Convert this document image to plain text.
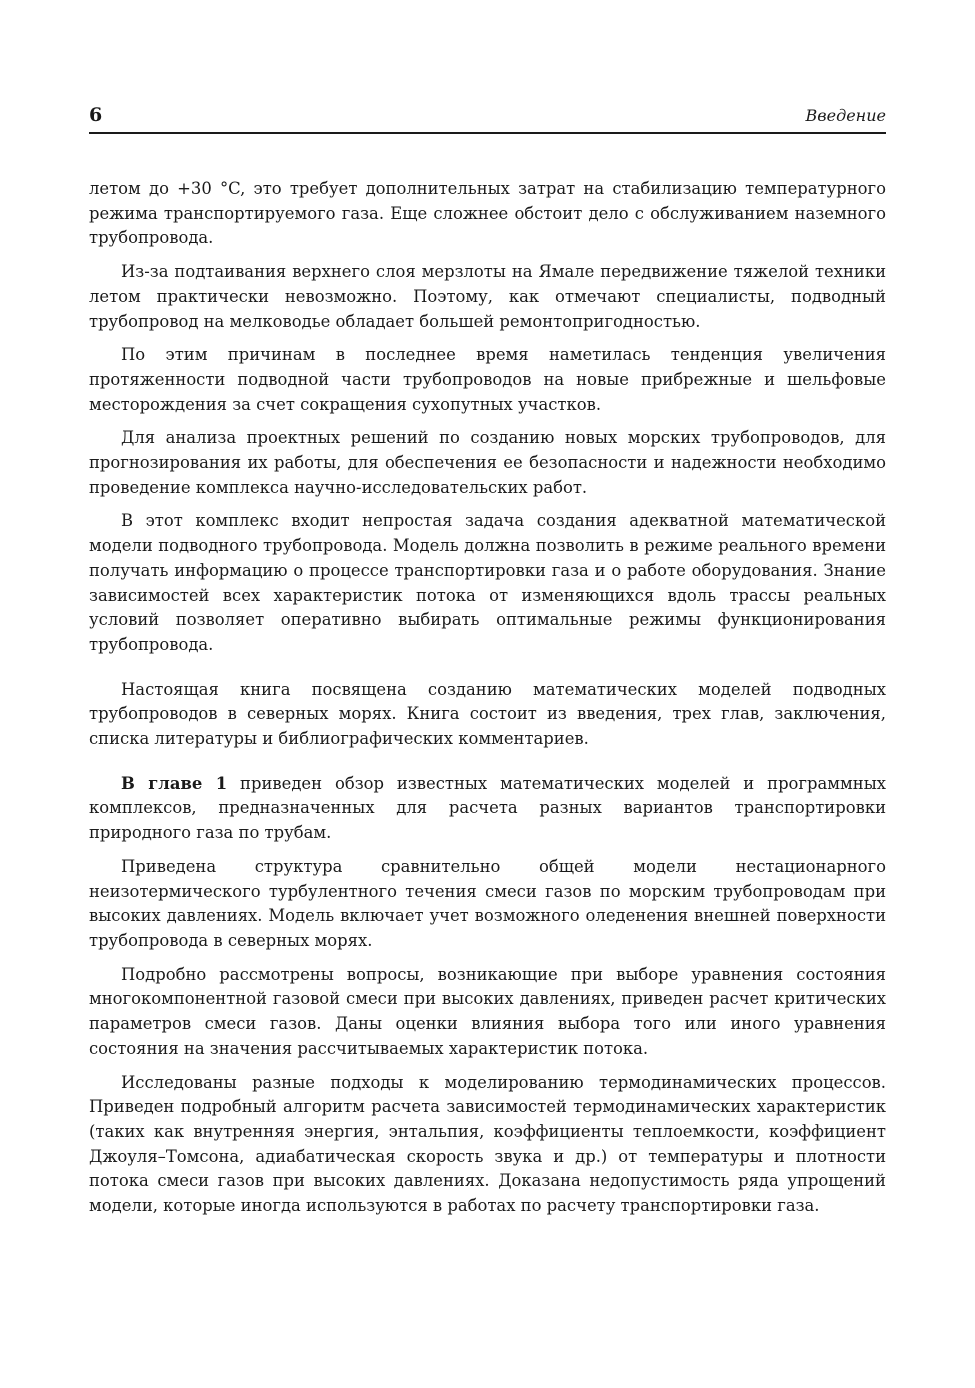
6	Введение

летом до +30 °C, это требует дополнительных затрат на стабилизацию температурного режима транспортируемого газа. Еще сложнее обстоит дело с обслуживанием наземного трубопровода.

Из-за подтаивания верхнего слоя мерзлоты на Ямале передвижение тяжелой техники летом практически невозможно. Поэтому, как отмечают специалисты, подводный трубопровод на мелководье обладает большей ремонтопригодностью.

По этим причинам в последнее время наметилась тенденция увеличения протяженности подводной части трубопроводов на новые прибрежные и шельфовые месторождения за счет сокращения сухопутных участков.

Для анализа проектных решений по созданию новых морских трубопроводов, для прогнозирования их работы, для обеспечения ее безопасности и надежности необходимо проведение комплекса научно-исследовательских работ.

В этот комплекс входит непростая задача создания адекватной математической модели подводного трубопровода. Модель должна позволить в режиме реального времени получать информацию о процессе транспортировки газа и о работе оборудования. Знание зависимостей всех характеристик потока от изменяющихся вдоль трассы реальных условий позволяет оперативно выбирать оптимальные режимы функционирования трубопровода.

Настоящая книга посвящена созданию математических моделей подводных трубопроводов в северных морях. Книга состоит из введения, трех глав, заключения, списка литературы и библиографических комментариев.

В главе 1 приведен обзор известных математических моделей и программных комплексов, предназначенных для расчета разных вариантов транспортировки природного газа по трубам.

Приведена структура сравнительно общей модели нестационарного неизотермического турбулентного течения смеси газов по морским трубопроводам при высоких давлениях. Модель включает учет возможного оледенения внешней поверхности трубопровода в северных морях.

Подробно рассмотрены вопросы, возникающие при выборе уравнения состояния многокомпонентной газовой смеси при высоких давлениях, приведен расчет критических параметров смеси газов. Даны оценки влияния выбора того или иного уравнения состояния на значения рассчитываемых характеристик потока.

Исследованы разные подходы к моделированию термодинамических процессов. Приведен подробный алгоритм расчета зависимостей термодинамических характеристик (таких как внутренняя энергия, энтальпия, коэффициенты теплоемкости, коэффициент Джоуля–Томсона, адиабатическая скорость звука и др.) от температуры и плотности потока смеси газов при высоких давлениях. Доказана недопустимость ряда упрощений модели, которые иногда используются в работах по расчету транспортировки газа.
